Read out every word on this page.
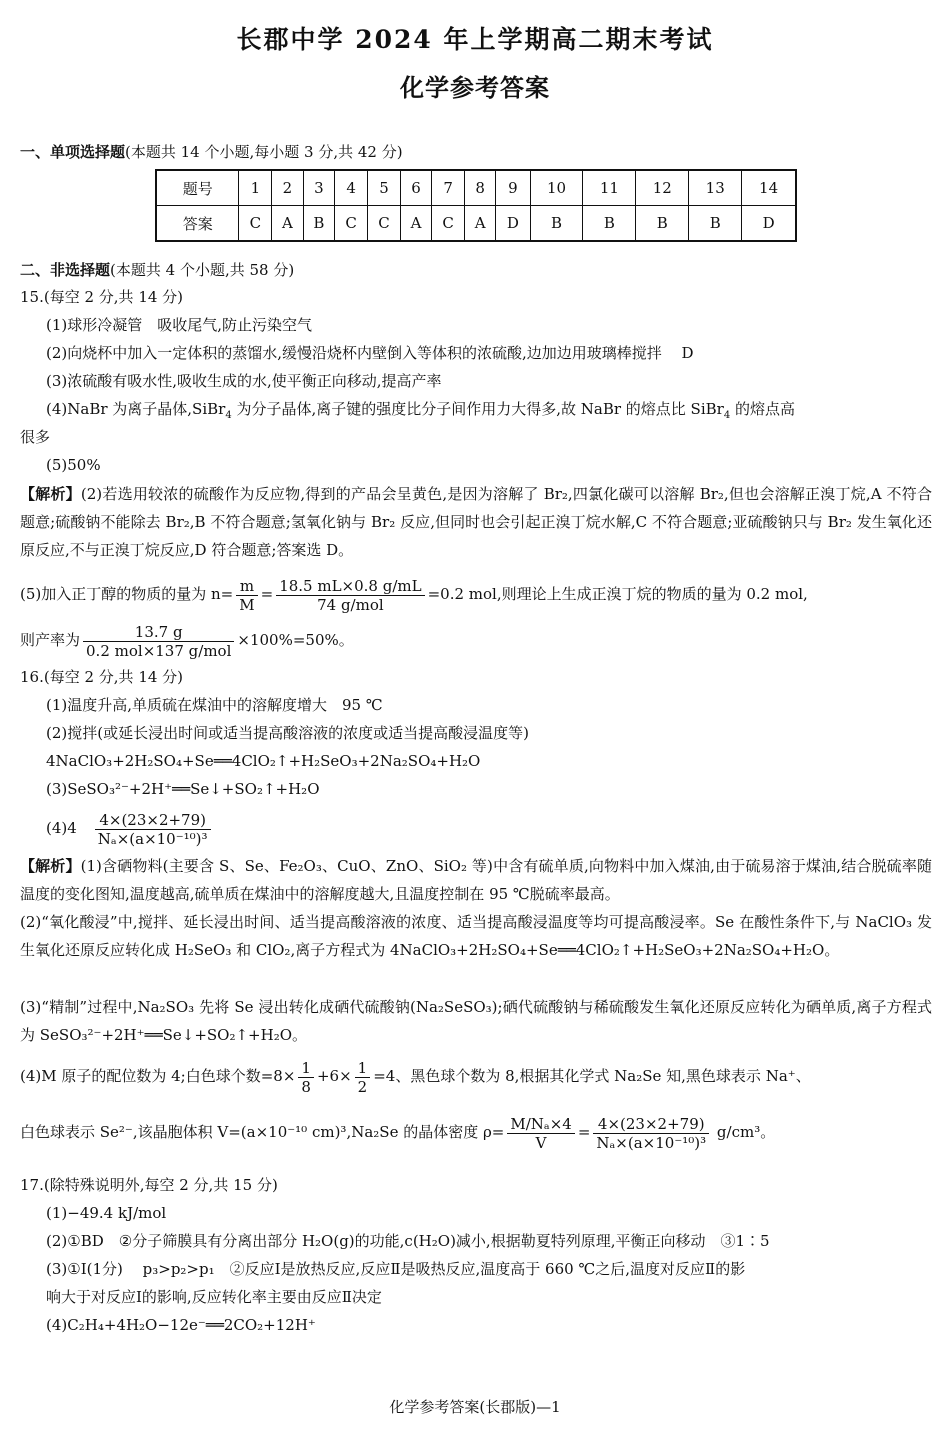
长郡中学 2024 年上学期高二期末考试
化学参考答案
一、单项选择题(本题共 14 个小题,每小题 3 分,共 42 分)
题号	1	2	3	4	5	6	7	8	9	10	11	12	13	14
答案	C	A	B	C	C	A	C	A	D	B	B	B	B	D
二、非选择题(本题共 4 个小题,共 58 分)
15.(每空 2 分,共 14 分)
(1)球形冷凝管　吸收尾气,防止污染空气
(2)向烧杯中加入一定体积的蒸馏水,缓慢沿烧杯内壁倒入等体积的浓硫酸,边加边用玻璃棒搅拌　 D
(3)浓硫酸有吸水性,吸收生成的水,使平衡正向移动,提高产率
(4)NaBr 为离子晶体,SiBr$_4$ 为分子晶体,离子键的强度比分子间作用力大得多,故 NaBr 的熔点比 SiBr$_4$ 的熔点高
很多
(5)50%
【解析】(2)若选用较浓的硫酸作为反应物,得到的产品会呈黄色,是因为溶解了 Br₂,四氯化碳可以溶解 Br₂,但也会溶解正溴丁烷,A 不符合题意;硫酸钠不能除去 Br₂,B 不符合题意;氢氧化钠与 Br₂ 反应,但同时也会引起正溴丁烷水解,C 不符合题意;亚硫酸钠只与 Br₂ 发生氧化还原反应,不与正溴丁烷反应,D 符合题意;答案选 D。
(5)加入正丁醇的物质的量为 $n= \frac{m}{M} = \frac{18.5 mL\times 0.8 g/mL}{\text{74 g/mol}} =0.2$ mol,则理论上生成正溴丁烷的物质的量为 0.2 mol,
则产率为 $\frac{13.7 g}{\text{0.2 mol×137 g/mol}} \times 100\%=50\%$。
16.(每空 2 分,共 14 分)
(1)温度升高,单质硫在煤油中的溶解度增大　95 ℃
(2)搅拌(或延长浸出时间或适当提高酸溶液的浓度或适当提高酸浸温度等)
4NaClO₃+2H₂SO₄+Se══4ClO₂↑+H₂SeO₃+2Na₂SO₄+H₂O
(3)SeSO₃²⁻+2H⁺══Se↓+SO₂↑+H₂O
(4)4　 $\frac{4\times(23\times 2+79)}{\text{Nₐ×(a×10⁻¹⁰)³}}$
【解析】(1)含硒物料(主要含 S、Se、Fe₂O₃、CuO、ZnO、SiO₂ 等)中含有硫单质,向物料中加入煤油,由于硫易溶于煤油,结合脱硫率随温度的变化图知,温度越高,硫单质在煤油中的溶解度越大,且温度控制在 95 ℃脱硫率最高。
(2)“氧化酸浸”中,搅拌、延长浸出时间、适当提高酸溶液的浓度、适当提高酸浸温度等均可提高酸浸率。Se 在酸性条件下,与 NaClO₃ 发生氧化还原反应转化成 H₂SeO₃ 和 ClO₂,离子方程式为 4NaClO₃+2H₂SO₄+Se══4ClO₂↑+H₂SeO₃+2Na₂SO₄+H₂O。
(3)“精制”过程中,Na₂SO₃ 先将 Se 浸出转化成硒代硫酸钠(Na₂SeSO₃);硒代硫酸钠与稀硫酸发生氧化还原反应转化为硒单质,离子方程式为 SeSO₃²⁻+2H⁺══Se↓+SO₂↑+H₂O。
(4)M 原子的配位数为 4;白色球个数$=8\times \frac{1}{8} +6\times \frac{1}{2} =4$、黑色球个数为 8,根据其化学式 Na₂Se 知,黑色球表示 Na⁺、
白色球表示 Se²⁻,该晶胞体积 V=(a×10⁻¹⁰ cm)³,Na₂Se 的晶体密度 $\rho= \frac{\text{M/Nₐ×4}}{V} = \frac{4\times(23\times 2+79)}{\text{Nₐ×(a×10⁻¹⁰)³}} g/cm^3$。
17.(除特殊说明外,每空 2 分,共 15 分)
(1)−49.4 kJ/mol
(2)①BD　②分子筛膜具有分离出部分 H₂O(g)的功能,c(H₂O)减小,根据勒夏特列原理,平衡正向移动　③1∶5
(3)①Ⅰ(1分)　 p₃>p₂>p₁　②反应Ⅰ是放热反应,反应Ⅱ是吸热反应,温度高于 660 ℃之后,温度对反应Ⅱ的影
响大于对反应Ⅰ的影响,反应转化率主要由反应Ⅱ决定
(4)C₂H₄+4H₂O−12e⁻══2CO₂+12H⁺
化学参考答案(长郡版)—1
